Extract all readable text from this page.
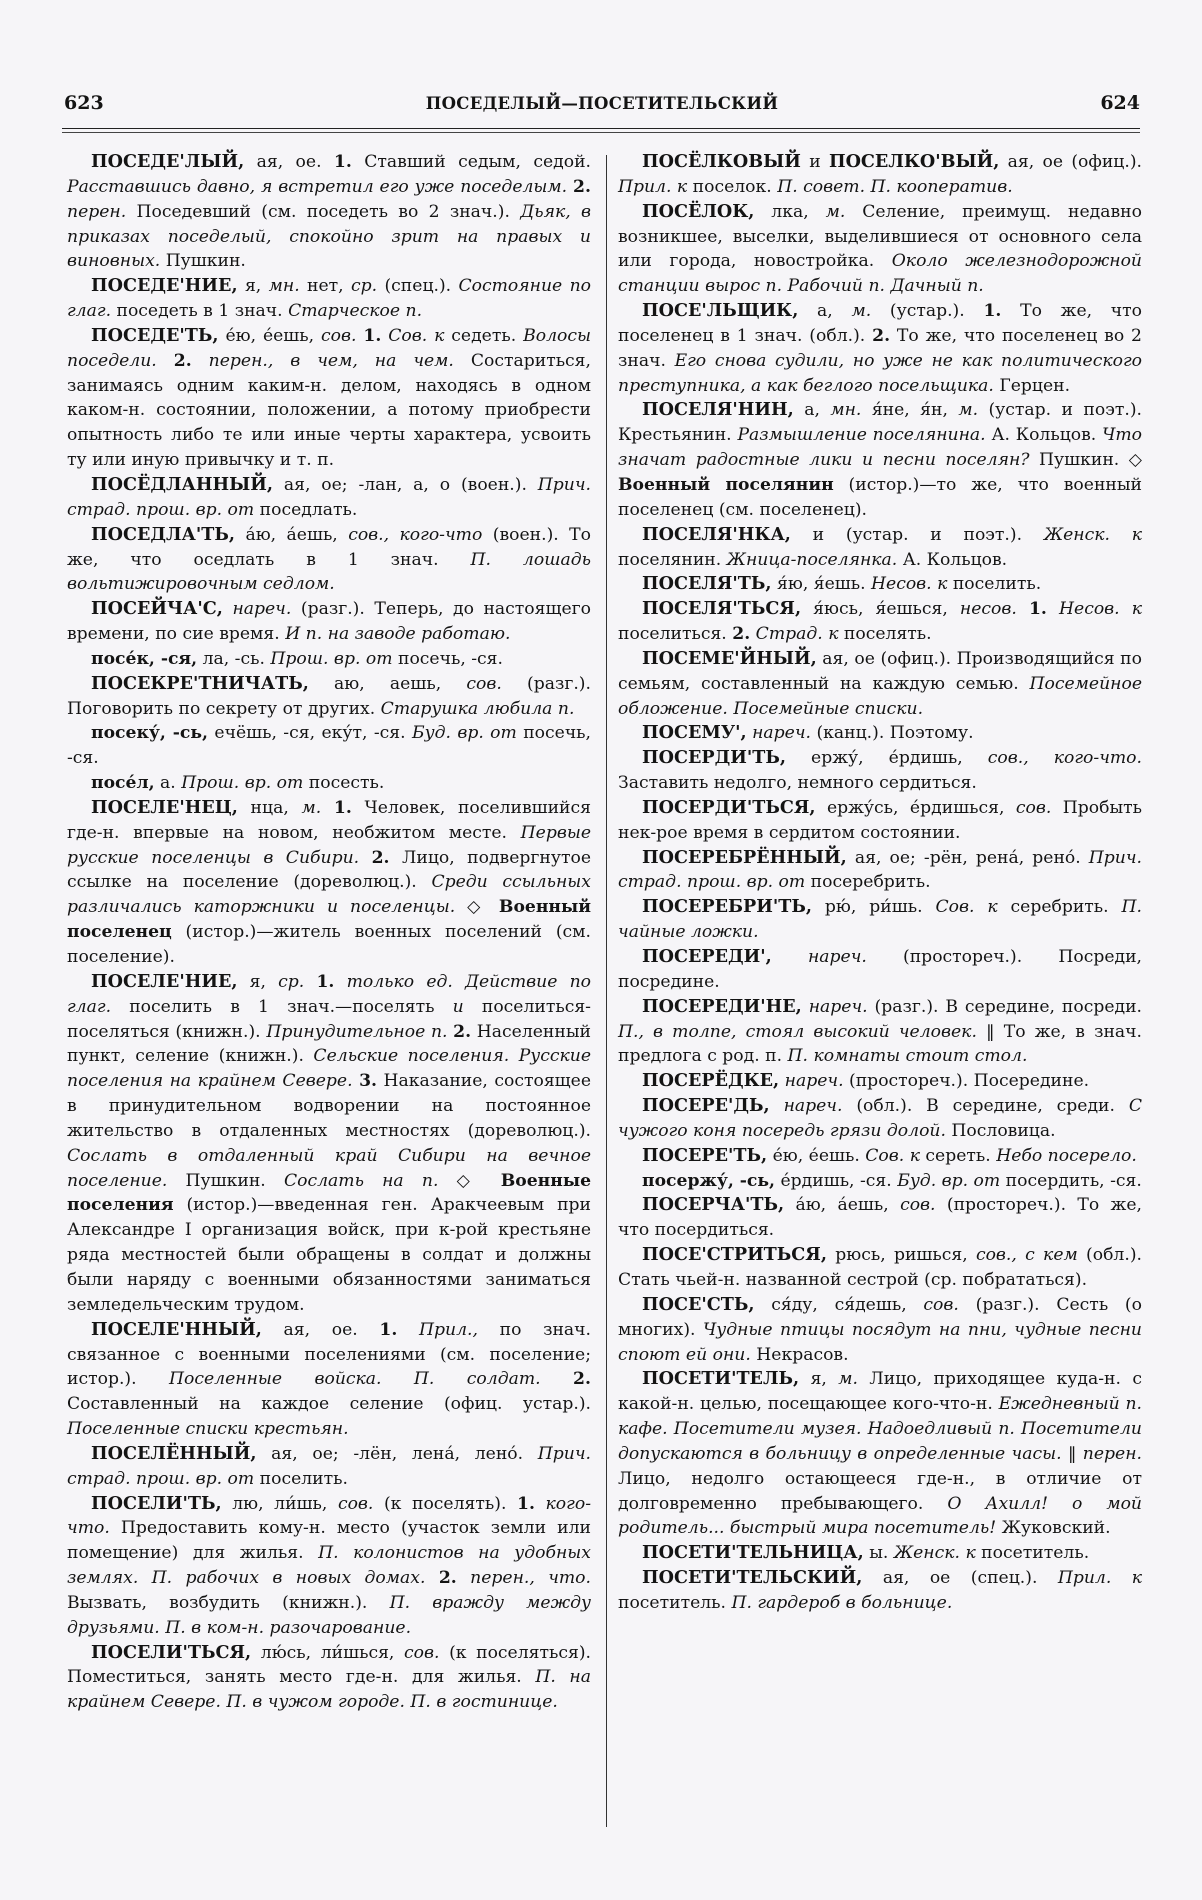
623	ПОСЕДЕЛЫЙ—ПОСЕТИТЕЛЬСКИЙ	624

ПОСЕДЕ'ЛЫЙ, ая, ое. 1. Ставший седым, седой. Расставшись давно, я встретил его уже поседелым. 2. перен. Поседевший (см. поседеть во 2 знач.). Дьяк, в приказах поседелый, спокойно зрит на правых и виновных. Пушкин.

ПОСЕДЕ'НИЕ, я, мн. нет, ср. (спец.). Состояние по глаг. поседеть в 1 знач. Старческое п.

ПОСЕДЕ'ТЬ, е́ю, е́ешь, сов. 1. Сов. к седеть. Волосы поседели. 2. перен., в чем, на чем. Состариться, занимаясь одним каким-н. делом, находясь в одном каком-н. состоянии, положении, а потому приобрести опытность либо те или иные черты характера, усвоить ту или иную привычку и т. п.

ПОСЁДЛАННЫЙ, ая, ое; -лан, а, о (воен.). Прич. страд. прош. вр. от поседлать.

ПОСЕДЛА'ТЬ, а́ю, а́ешь, сов., кого-что (воен.). То же, что оседлать в 1 знач. П. лошадь вольтижировочным седлом.

ПОСЕЙЧА'С, нареч. (разг.). Теперь, до настоящего времени, по сие время. И п. на заводе работаю.

посе́к, -ся, ла, -сь. Прош. вр. от посечь, -ся.

ПОСЕКРЕ'ТНИЧАТЬ, аю, аешь, сов. (разг.). Поговорить по секрету от других. Старушка любила п.

посеку́, -сь, ечёшь, -ся, еку́т, -ся. Буд. вр. от посечь, -ся.

посе́л, а. Прош. вр. от посесть.

ПОСЕЛЕ'НЕЦ, нца, м. 1. Человек, поселившийся где-н. впервые на новом, необжитом месте. Первые русские поселенцы в Сибири. 2. Лицо, подвергнутое ссылке на поселение (дореволюц.). Среди ссыльных различались каторжники и поселенцы. ◇ Военный поселенец (истор.)—житель военных поселений (см. поселение).

ПОСЕЛЕ'НИЕ, я, ср. 1. только ед. Действие по глаг. поселить в 1 знач.—поселять и поселиться-поселяться (книжн.). Принудительное п. 2. Населенный пункт, селение (книжн.). Сельские поселения. Русские поселения на крайнем Севере. 3. Наказание, состоящее в принудительном водворении на постоянное жительство в отдаленных местностях (дореволюц.). Сослать в отдаленный край Сибири на вечное поселение. Пушкин. Сослать на п. ◇ Военные поселения (истор.)—введенная ген. Аракчеевым при Александре I организация войск, при к-рой крестьяне ряда местностей были обращены в солдат и должны были наряду с военными обязанностями заниматься земледельческим трудом.

ПОСЕЛЕ'ННЫЙ, ая, ое. 1. Прил., по знач. связанное с военными поселениями (см. поселение; истор.). Поселенные войска. П. солдат. 2. Составленный на каждое селение (офиц. устар.). Поселенные списки крестьян.

ПОСЕЛЁННЫЙ, ая, ое; -лён, лена́, лено́. Прич. страд. прош. вр. от поселить.

ПОСЕЛИ'ТЬ, лю, ли́шь, сов. (к поселять). 1. кого-что. Предоставить кому-н. место (участок земли или помещение) для жилья. П. колонистов на удобных землях. П. рабочих в новых домах. 2. перен., что. Вызвать, возбудить (книжн.). П. вражду между друзьями. П. в ком-н. разочарование.

ПОСЕЛИ'ТЬСЯ, лю́сь, ли́шься, сов. (к поселяться). Поместиться, занять место где-н. для жилья. П. на крайнем Севере. П. в чужом городе. П. в гостинице.

ПОСЁЛКОВЫЙ и ПОСЕЛКО'ВЫЙ, ая, ое (офиц.). Прил. к поселок. П. совет. П. кооператив.

ПОСЁЛОК, лка, м. Селение, преимущ. недавно возникшее, выселки, выделившиеся от основного села или города, новостройка. Около железнодорожной станции вырос п. Рабочий п. Дачный п.

ПОСЕ'ЛЬЩИК, а, м. (устар.). 1. То же, что поселенец в 1 знач. (обл.). 2. То же, что поселенец во 2 знач. Его снова судили, но уже не как политического преступника, а как беглого посельщика. Герцен.

ПОСЕЛЯ'НИН, а, мн. я́не, я́н, м. (устар. и поэт.). Крестьянин. Размышление поселянина. А. Кольцов. Что значат радостные лики и песни поселян? Пушкин. ◇ Военный поселянин (истор.)—то же, что военный поселенец (см. поселенец).

ПОСЕЛЯ'НКА, и (устар. и поэт.). Женск. к поселянин. Жница-поселянка. А. Кольцов.

ПОСЕЛЯ'ТЬ, я́ю, я́ешь. Несов. к поселить.

ПОСЕЛЯ'ТЬСЯ, я́юсь, я́ешься, несов. 1. Несов. к поселиться. 2. Страд. к поселять.

ПОСЕМЕ'ЙНЫЙ, ая, ое (офиц.). Производящийся по семьям, составленный на каждую семью. Посемейное обложение. Посемейные списки.

ПОСЕМУ', нареч. (канц.). Поэтому.

ПОСЕРДИ'ТЬ, ержу́, е́рдишь, сов., кого-что. Заставить недолго, немного сердиться.

ПОСЕРДИ'ТЬСЯ, ержу́сь, е́рдишься, сов. Пробыть нек-рое время в сердитом состоянии.

ПОСЕРЕБРЁННЫЙ, ая, ое; -рён, рена́, рено́. Прич. страд. прош. вр. от посеребрить.

ПОСЕРЕБРИ'ТЬ, рю́, ри́шь. Сов. к серебрить. П. чайные ложки.

ПОСЕРЕДИ', нареч. (простореч.). Посреди, посредине.

ПОСЕРЕДИ'НЕ, нареч. (разг.). В середине, посреди. П., в толпе, стоял высокий человек. ‖ То же, в знач. предлога с род. п. П. комнаты стоит стол.

ПОСЕРЁДКЕ, нареч. (простореч.). Посередине.

ПОСЕРЕ'ДЬ, нареч. (обл.). В середине, среди. С чужого коня посередь грязи долой. Пословица.

ПОСЕРЕ'ТЬ, е́ю, е́ешь. Сов. к сереть. Небо посерело.

посержу́, -сь, е́рдишь, -ся. Буд. вр. от посердить, -ся.

ПОСЕРЧА'ТЬ, а́ю, а́ешь, сов. (простореч.). То же, что посердиться.

ПОСЕ'СТРИТЬСЯ, рюсь, ришься, сов., с кем (обл.). Стать чьей-н. названной сестрой (ср. побрататься).

ПОСЕ'СТЬ, ся́ду, ся́дешь, сов. (разг.). Сесть (о многих). Чудные птицы посядут на пни, чудные песни споют ей они. Некрасов.

ПОСЕТИ'ТЕЛЬ, я, м. Лицо, приходящее куда-н. с какой-н. целью, посещающее кого-что-н. Ежедневный п. кафе. Посетители музея. Надоедливый п. Посетители допускаются в больницу в определенные часы. ‖ перен. Лицо, недолго остающееся где-н., в отличие от долговременно пребывающего. О Ахилл! о мой родитель... быстрый мира посетитель! Жуковский.

ПОСЕТИ'ТЕЛЬНИЦА, ы. Женск. к посетитель.

ПОСЕТИ'ТЕЛЬСКИЙ, ая, ое (спец.). Прил. к посетитель. П. гардероб в больнице.
